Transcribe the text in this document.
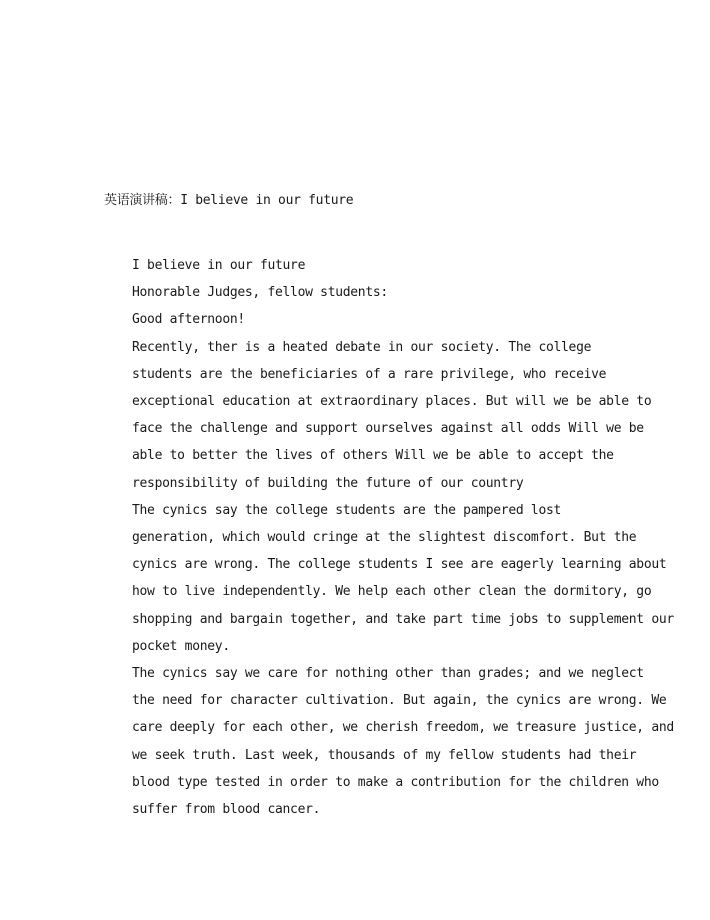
英语演讲稿：I believe in our future

I believe in our future

Honorable Judges, fellow students:

Good afternoon!

Recently, ther is a heated debate in our society. The college
students are the beneficiaries of a rare privilege, who receive
exceptional education at extraordinary places. But will we be able to
face the challenge and support ourselves against all odds Will we be
able to better the lives of others Will we be able to accept the
responsibility of building the future of our country

The cynics say the college students are the pampered lost
generation, which would cringe at the slightest discomfort. But the
cynics are wrong. The college students I see are eagerly learning about
how to live independently. We help each other clean the dormitory, go
shopping and bargain together, and take part time jobs to supplement our
pocket money.

The cynics say we care for nothing other than grades; and we neglect
the need for character cultivation. But again, the cynics are wrong. We
care deeply for each other, we cherish freedom, we treasure justice, and
we seek truth. Last week, thousands of my fellow students had their
blood type tested in order to make a contribution for the children who
suffer from blood cancer.
